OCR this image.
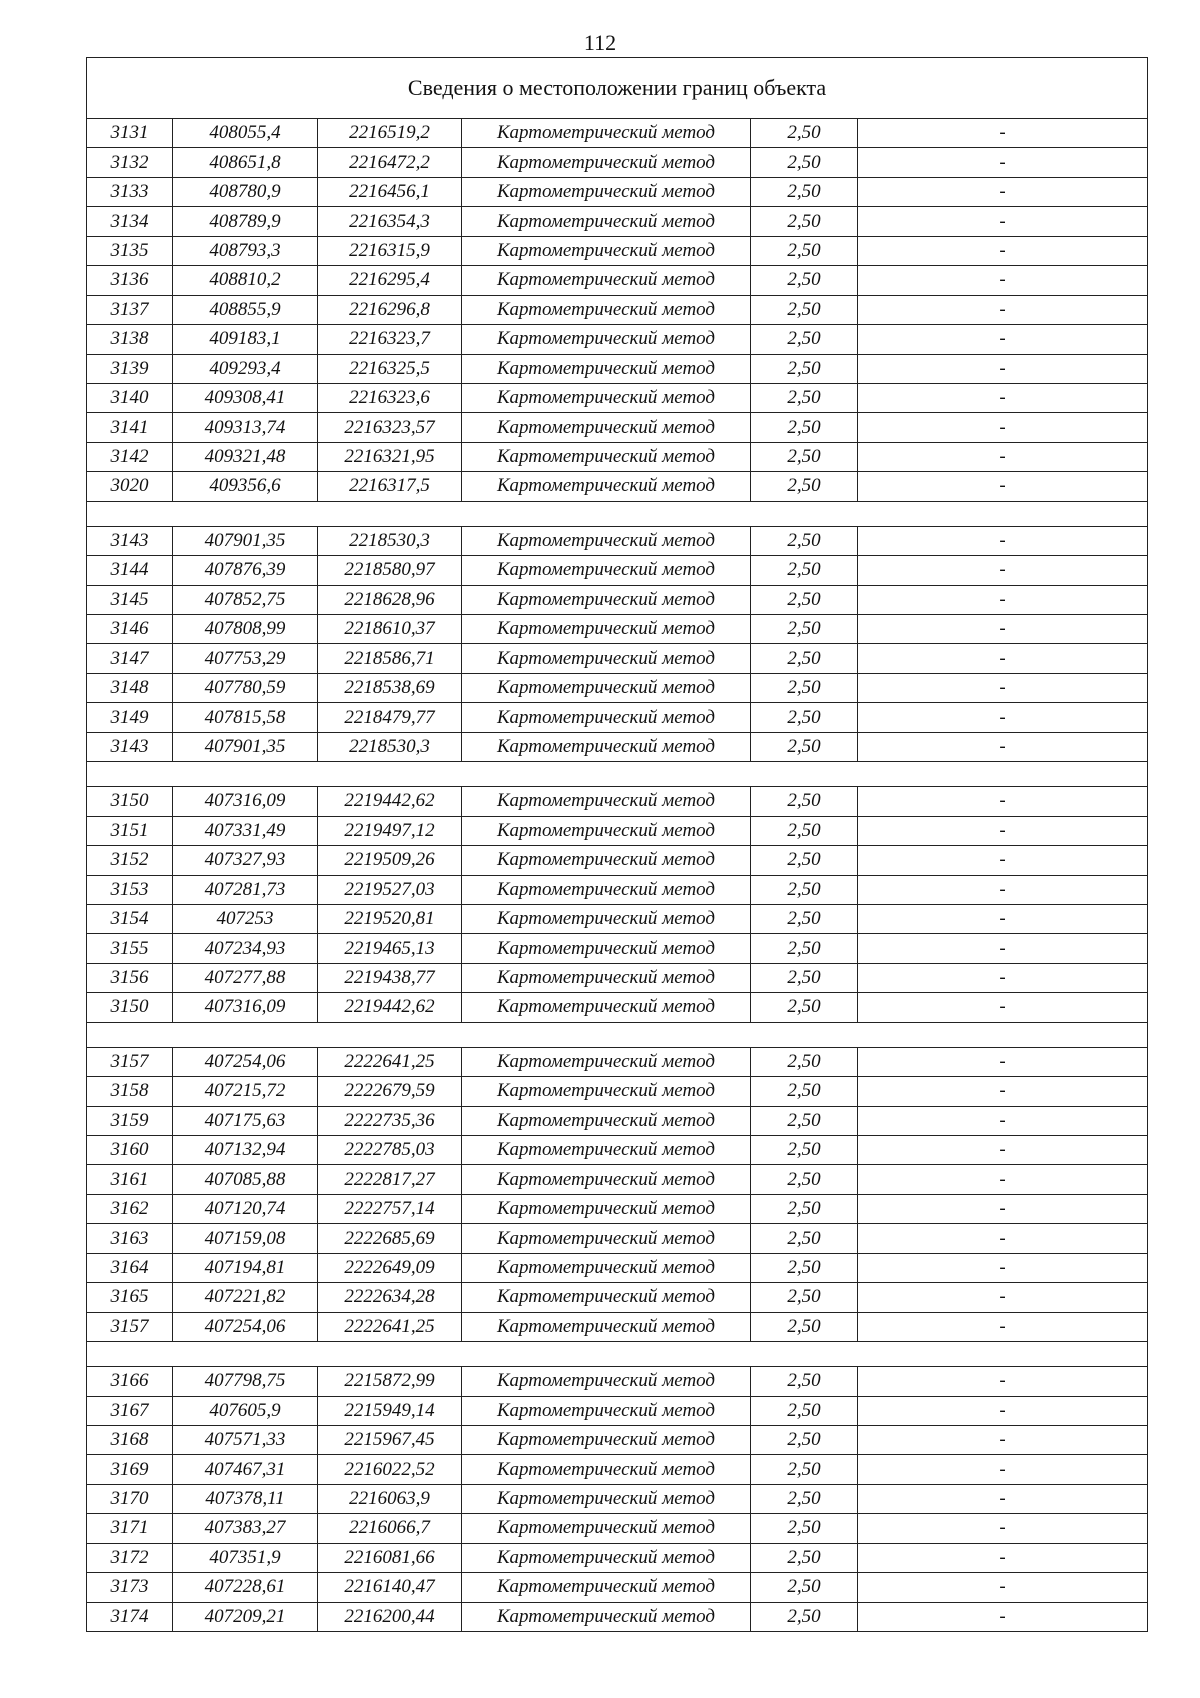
112
Сведения о местоположении границ объекта					
3131	408055,4	2216519,2	Картометрический метод	2,50	-
3132	408651,8	2216472,2	Картометрический метод	2,50	-
3133	408780,9	2216456,1	Картометрический метод	2,50	-
3134	408789,9	2216354,3	Картометрический метод	2,50	-
3135	408793,3	2216315,9	Картометрический метод	2,50	-
3136	408810,2	2216295,4	Картометрический метод	2,50	-
3137	408855,9	2216296,8	Картометрический метод	2,50	-
3138	409183,1	2216323,7	Картометрический метод	2,50	-
3139	409293,4	2216325,5	Картометрический метод	2,50	-
3140	409308,41	2216323,6	Картометрический метод	2,50	-
3141	409313,74	2216323,57	Картометрический метод	2,50	-
3142	409321,48	2216321,95	Картометрический метод	2,50	-
3020	409356,6	2216317,5	Картометрический метод	2,50	-

3143	407901,35	2218530,3	Картометрический метод	2,50	-
3144	407876,39	2218580,97	Картометрический метод	2,50	-
3145	407852,75	2218628,96	Картометрический метод	2,50	-
3146	407808,99	2218610,37	Картометрический метод	2,50	-
3147	407753,29	2218586,71	Картометрический метод	2,50	-
3148	407780,59	2218538,69	Картометрический метод	2,50	-
3149	407815,58	2218479,77	Картометрический метод	2,50	-
3143	407901,35	2218530,3	Картометрический метод	2,50	-

3150	407316,09	2219442,62	Картометрический метод	2,50	-
3151	407331,49	2219497,12	Картометрический метод	2,50	-
3152	407327,93	2219509,26	Картометрический метод	2,50	-
3153	407281,73	2219527,03	Картометрический метод	2,50	-
3154	407253	2219520,81	Картометрический метод	2,50	-
3155	407234,93	2219465,13	Картометрический метод	2,50	-
3156	407277,88	2219438,77	Картометрический метод	2,50	-
3150	407316,09	2219442,62	Картометрический метод	2,50	-

3157	407254,06	2222641,25	Картометрический метод	2,50	-
3158	407215,72	2222679,59	Картометрический метод	2,50	-
3159	407175,63	2222735,36	Картометрический метод	2,50	-
3160	407132,94	2222785,03	Картометрический метод	2,50	-
3161	407085,88	2222817,27	Картометрический метод	2,50	-
3162	407120,74	2222757,14	Картометрический метод	2,50	-
3163	407159,08	2222685,69	Картометрический метод	2,50	-
3164	407194,81	2222649,09	Картометрический метод	2,50	-
3165	407221,82	2222634,28	Картометрический метод	2,50	-
3157	407254,06	2222641,25	Картометрический метод	2,50	-

3166	407798,75	2215872,99	Картометрический метод	2,50	-
3167	407605,9	2215949,14	Картометрический метод	2,50	-
3168	407571,33	2215967,45	Картометрический метод	2,50	-
3169	407467,31	2216022,52	Картометрический метод	2,50	-
3170	407378,11	2216063,9	Картометрический метод	2,50	-
3171	407383,27	2216066,7	Картометрический метод	2,50	-
3172	407351,9	2216081,66	Картометрический метод	2,50	-
3173	407228,61	2216140,47	Картометрический метод	2,50	-
3174	407209,21	2216200,44	Картометрический метод	2,50	-
